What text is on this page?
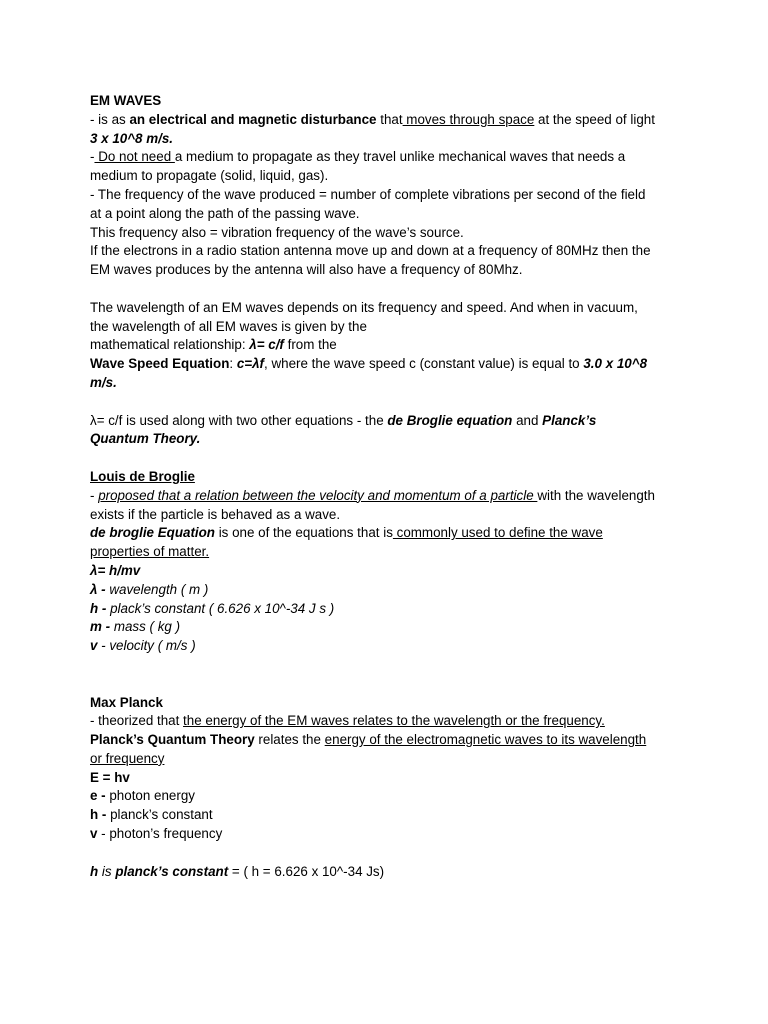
EM WAVES

- is as an electrical and magnetic disturbance that moves through space at the speed of light

3 x 10^8 m/s.

- Do not need a medium to propagate as they travel unlike mechanical waves that needs a

medium to propagate (solid, liquid, gas).

- The frequency of the wave produced = number of complete vibrations per second of the field

at a point along the path of the passing wave.

This frequency also = vibration frequency of the wave’s source.

If the electrons in a radio station antenna move up and down at a frequency of 80MHz then the

EM waves produces by the antenna will also have a frequency of 80Mhz.

The wavelength of an EM waves depends on its frequency and speed. And when in vacuum,

the wavelength of all EM waves is given by the

mathematical relationship: λ= c/f from the

Wave Speed Equation: c=λf, where the wave speed c (constant value) is equal to 3.0 x 10^8

m/s.

λ= c/f is used along with two other equations - the de Broglie equation and Planck’s

Quantum Theory.

Louis de Broglie

- proposed that a relation between the velocity and momentum of a particle with the wavelength

exists if the particle is behaved as a wave.

de broglie Equation is one of the equations that is commonly used to define the wave

properties of matter.

λ= h/mv

λ - wavelength ( m )

h - plack’s constant ( 6.626 x 10^-34 J s )

m - mass ( kg )

v - velocity ( m/s )

Max Planck

- theorized that the energy of the EM waves relates to the wavelength or the frequency.

Planck’s Quantum Theory relates the energy of the electromagnetic waves to its wavelength

or frequency

E = hv

e - photon energy

h - planck’s constant

v - photon’s frequency

h is planck’s constant = ( h = 6.626 x 10^-34 Js)
